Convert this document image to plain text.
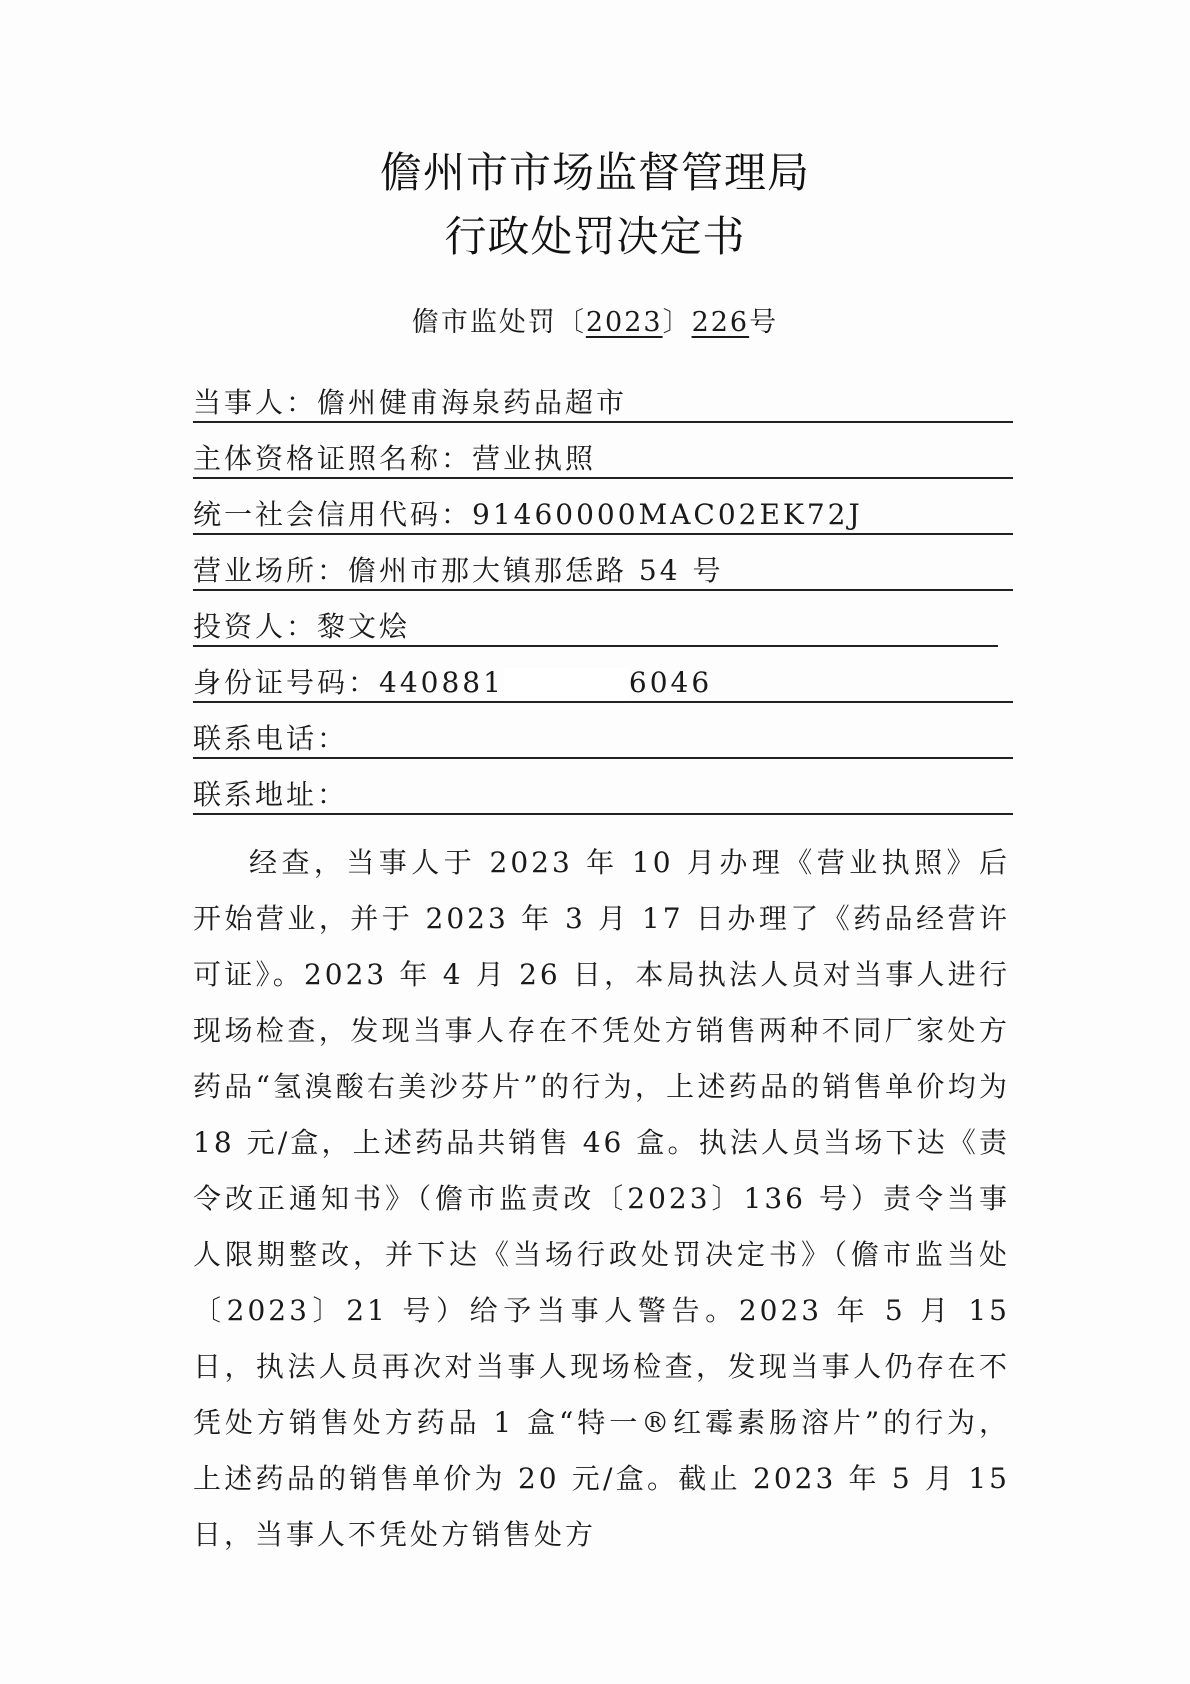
儋州市市场监督管理局
行政处罚决定书
儋市监处罚〔2023〕226号
当事人：儋州健甫海泉药品超市
主体资格证照名称：营业执照
统一社会信用代码：91460000MAC02EK72J
营业场所：儋州市那大镇那恁路 54 号
投资人：黎文烩
身份证号码：440881	6046
联系电话：
联系地址：

经查，当事人于 2023 年 10 月办理《营业执照》后开始营业，并于 2023 年 3 月 17 日办理了《药品经营许可证》。2023 年 4 月 26 日，本局执法人员对当事人进行现场检查，发现当事人存在不凭处方销售两种不同厂家处方药品“氢溴酸右美沙芬片”的行为，上述药品的销售单价均为 18 元/盒，上述药品共销售 46 盒。执法人员当场下达《责令改正通知书》（儋市监责改〔2023〕136 号）责令当事人限期整改，并下达《当场行政处罚决定书》（儋市监当处〔2023〕21 号）给予当事人警告。2023 年 5 月 15 日，执法人员再次对当事人现场检查，发现当事人仍存在不凭处方销售处方药品 1 盒“特一®红霉素肠溶片”的行为，上述药品的销售单价为 20 元/盒。截止 2023 年 5 月 15 日，当事人不凭处方销售处方
